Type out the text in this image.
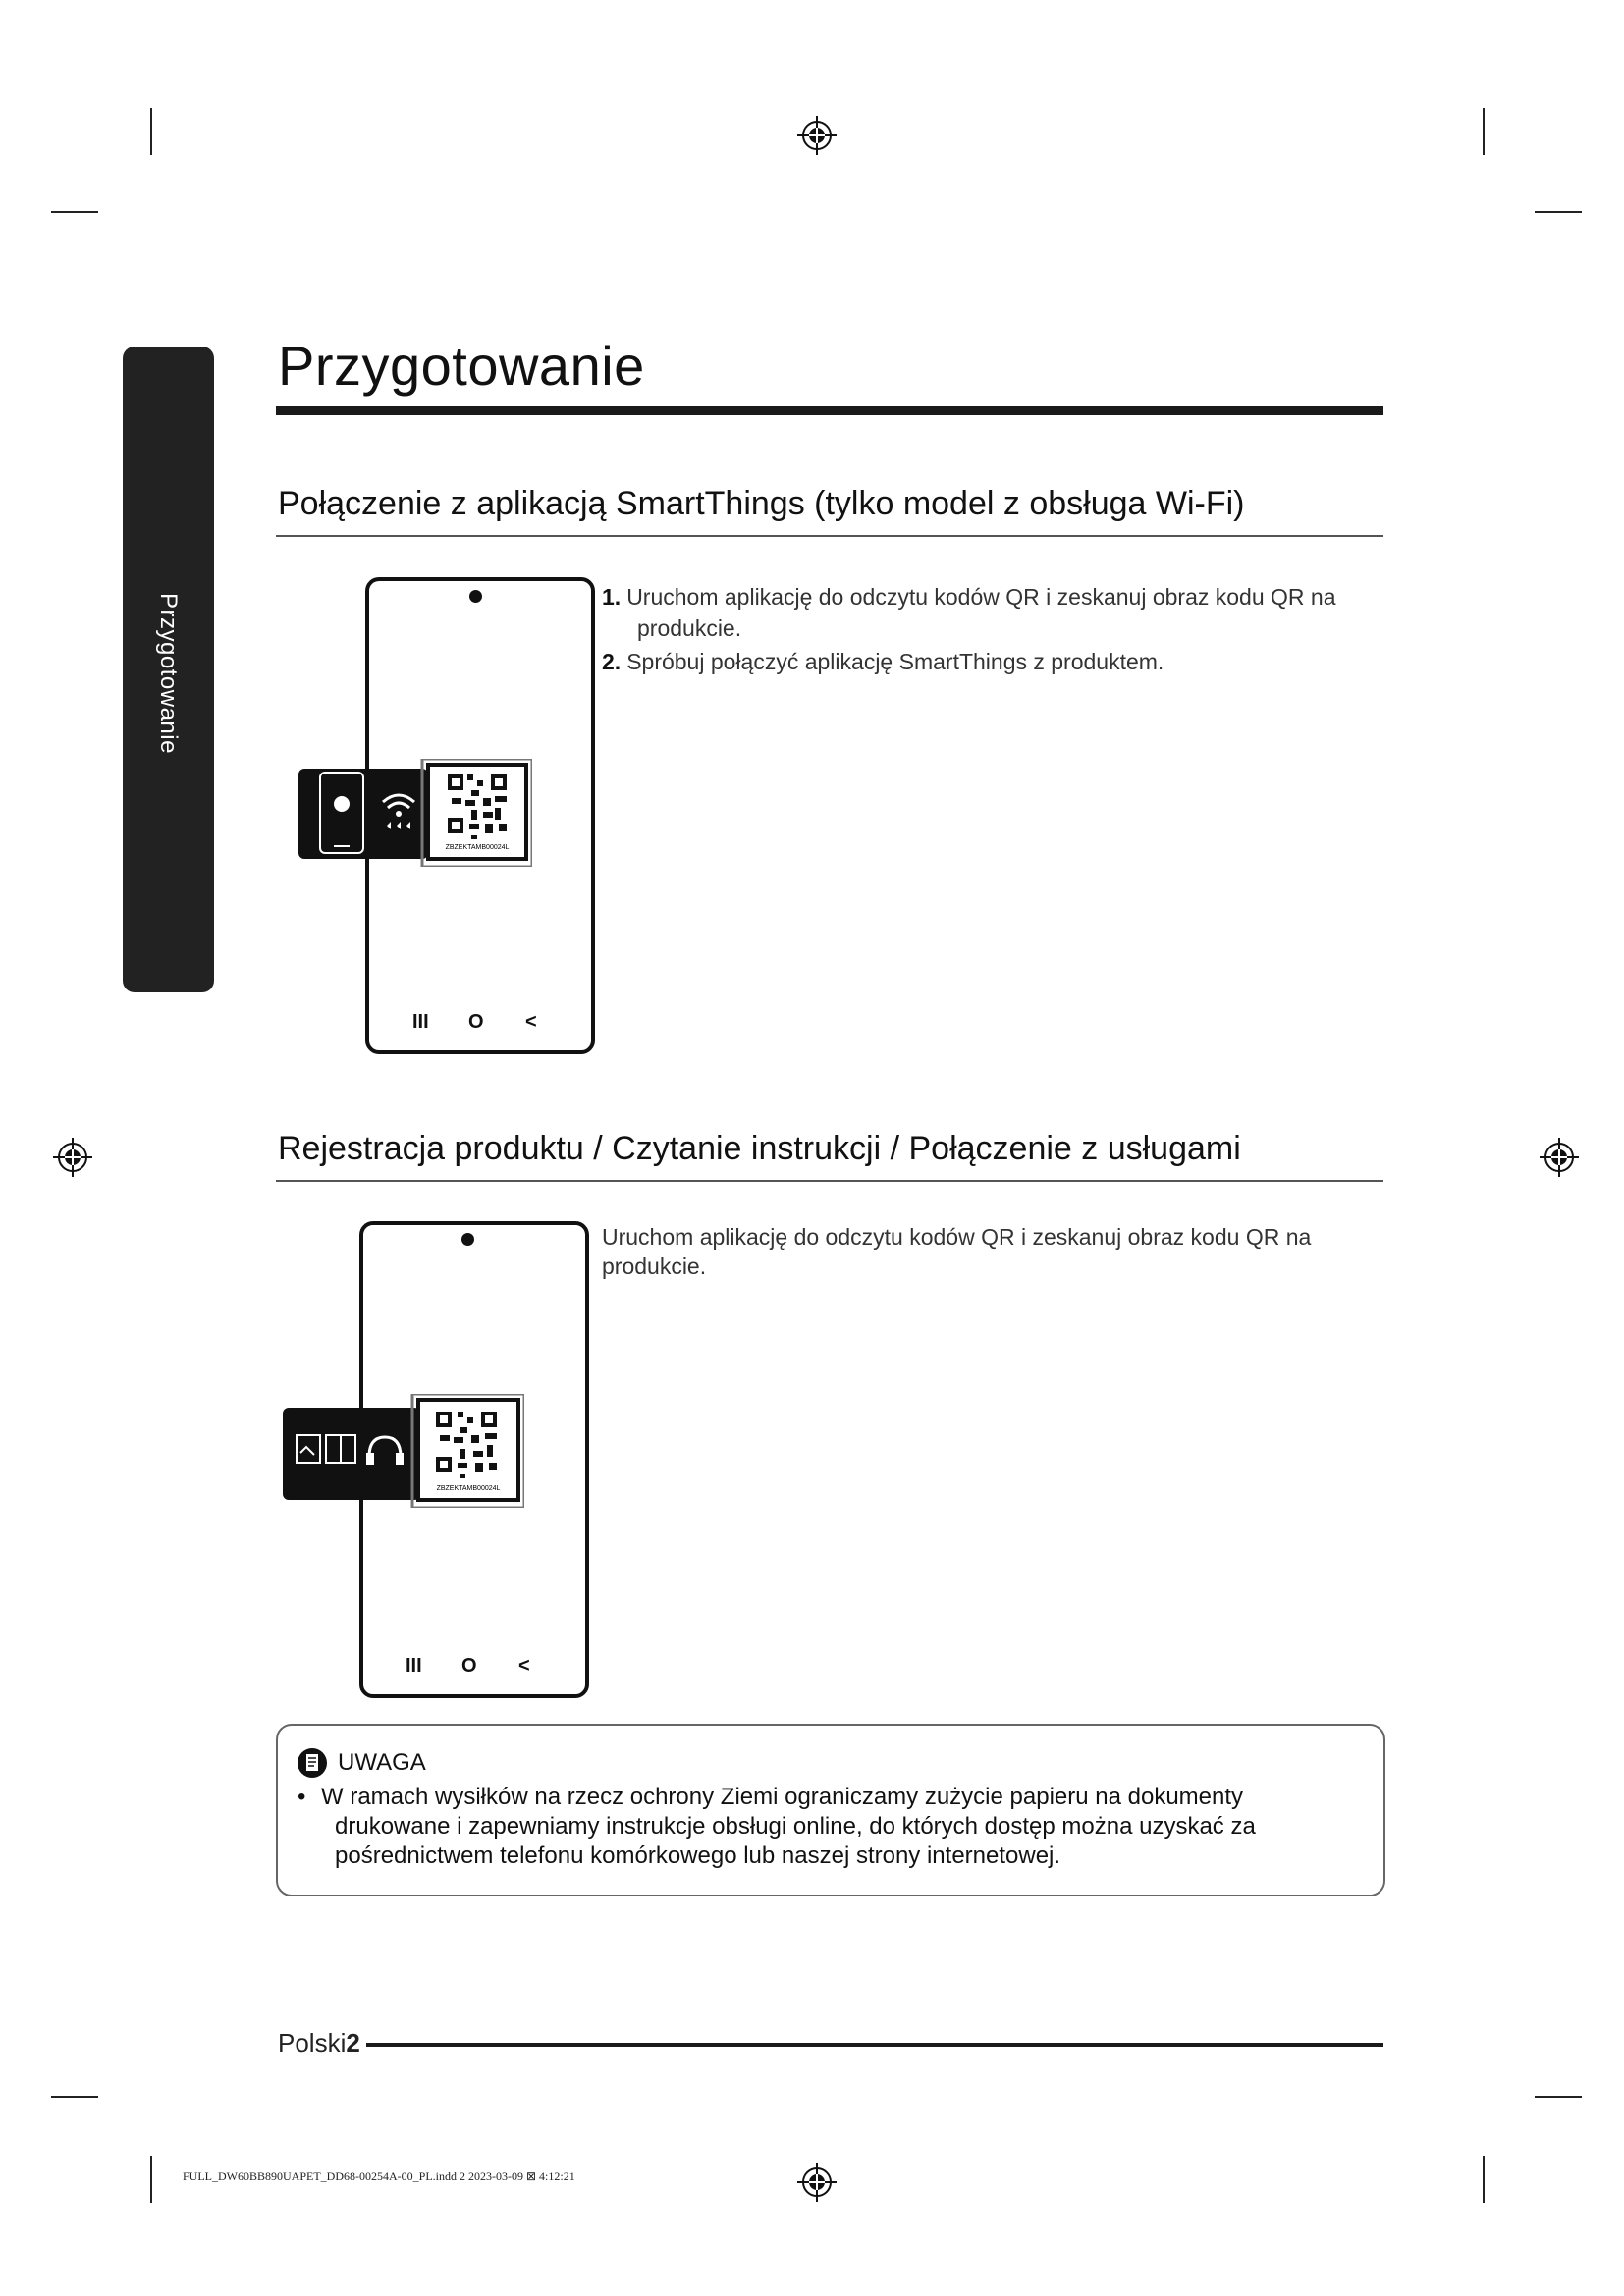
Przygotowanie
Przygotowanie
Połączenie z aplikacją SmartThings (tylko model z obsługa Wi-Fi)
III O <
ZBZEKTAMB00024L
1. Uruchom aplikację do odczytu kodów QR i zeskanuj obraz kodu QR na
produkcie.
2. Spróbuj połączyć aplikację SmartThings z produktem.
Rejestracja produktu / Czytanie instrukcji / Połączenie z usługami
III O <
ZBZEKTAMB00024L
Uruchom aplikację do odczytu kodów QR i zeskanuj obraz kodu QR na
produkcie.
UWAGA
• W ramach wysiłków na rzecz ochrony Ziemi ograniczamy zużycie papieru na dokumenty
drukowane i zapewniamy instrukcje obsługi online, do których dostęp można uzyskać za
pośrednictwem telefonu komórkowego lub naszej strony internetowej.
Polski2
FULL_DW60BB890UAPET_DD68-00254A-00_PL.indd 2 2023-03-09 ⊠ 4:12:21
